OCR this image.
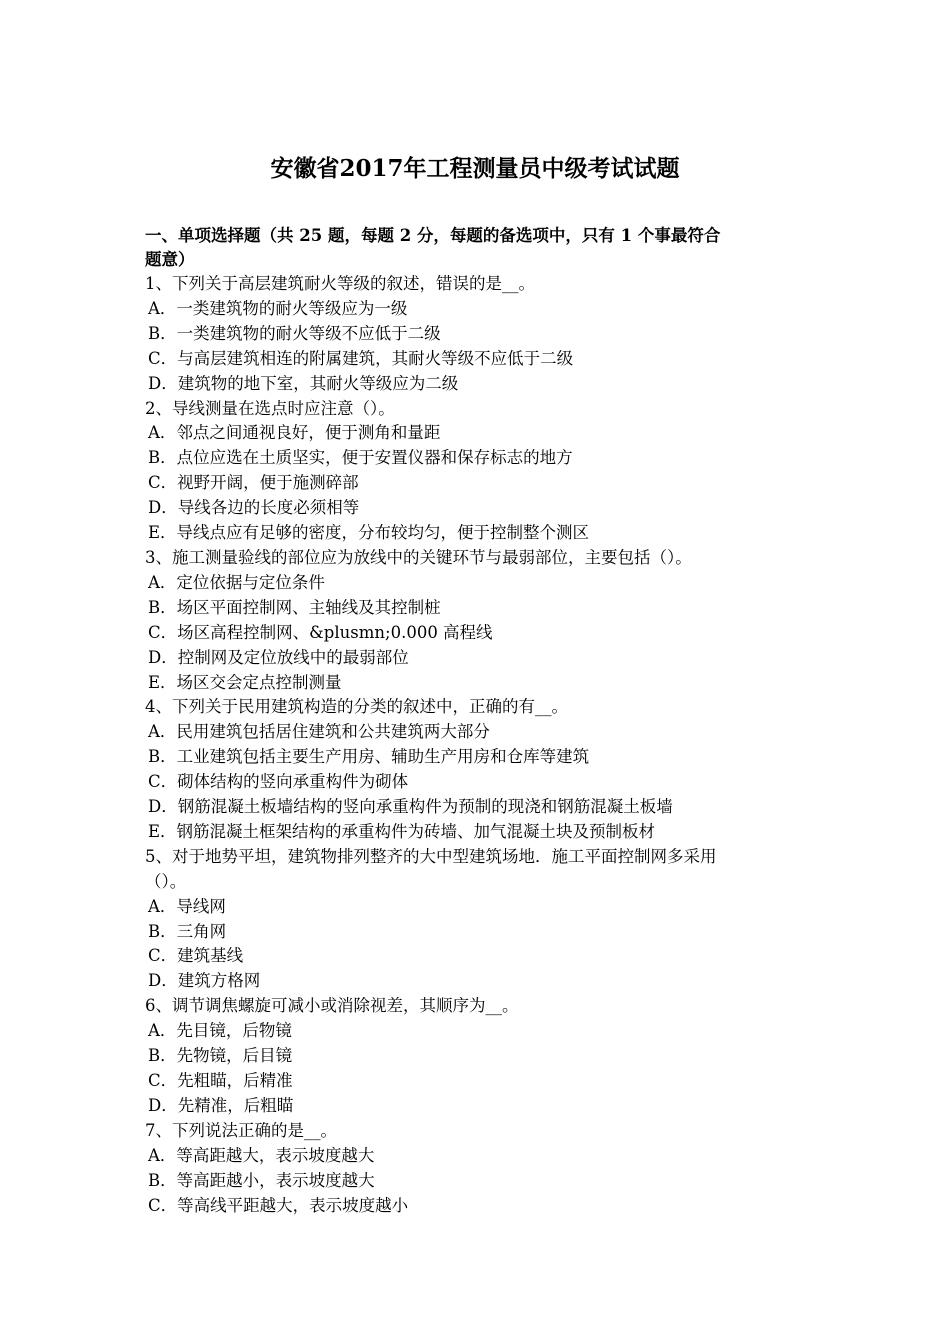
安徽省2017年工程测量员中级考试试题
一、单项选择题（共 25 题，每题 2 分，每题的备选项中，只有 1 个事最符合
题意）
1、下列关于高层建筑耐火等级的叙述，错误的是__。
A．一类建筑物的耐火等级应为一级
B．一类建筑物的耐火等级不应低于二级
C．与高层建筑相连的附属建筑，其耐火等级不应低于二级
D．建筑物的地下室，其耐火等级应为二级
2、导线测量在选点时应注意（）。
A．邻点之间通视良好，便于测角和量距
B．点位应选在土质坚实，便于安置仪器和保存标志的地方
C．视野开阔，便于施测碎部
D．导线各边的长度必须相等
E．导线点应有足够的密度，分布较均匀，便于控制整个测区
3、施工测量验线的部位应为放线中的关键环节与最弱部位，主要包括（）。
A．定位依据与定位条件
B．场区平面控制网、主轴线及其控制桩
C．场区高程控制网、&plusmn;0.000 高程线
D．控制网及定位放线中的最弱部位
E．场区交会定点控制测量
4、下列关于民用建筑构造的分类的叙述中，正确的有__。
A．民用建筑包括居住建筑和公共建筑两大部分
B．工业建筑包括主要生产用房、辅助生产用房和仓库等建筑
C．砌体结构的竖向承重构件为砌体
D．钢筋混凝土板墙结构的竖向承重构件为预制的现浇和钢筋混凝土板墙
E．钢筋混凝土框架结构的承重构件为砖墙、加气混凝土块及预制板材
5、对于地势平坦，建筑物排列整齐的大中型建筑场地．施工平面控制网多采用
（）。
A．导线网
B．三角网
C．建筑基线
D．建筑方格网
6、调节调焦螺旋可减小或消除视差，其顺序为__。
A．先目镜，后物镜
B．先物镜，后目镜
C．先粗瞄，后精准
D．先精准，后粗瞄
7、下列说法正确的是__。
A．等高距越大，表示坡度越大
B．等高距越小，表示坡度越大
C．等高线平距越大，表示坡度越小
